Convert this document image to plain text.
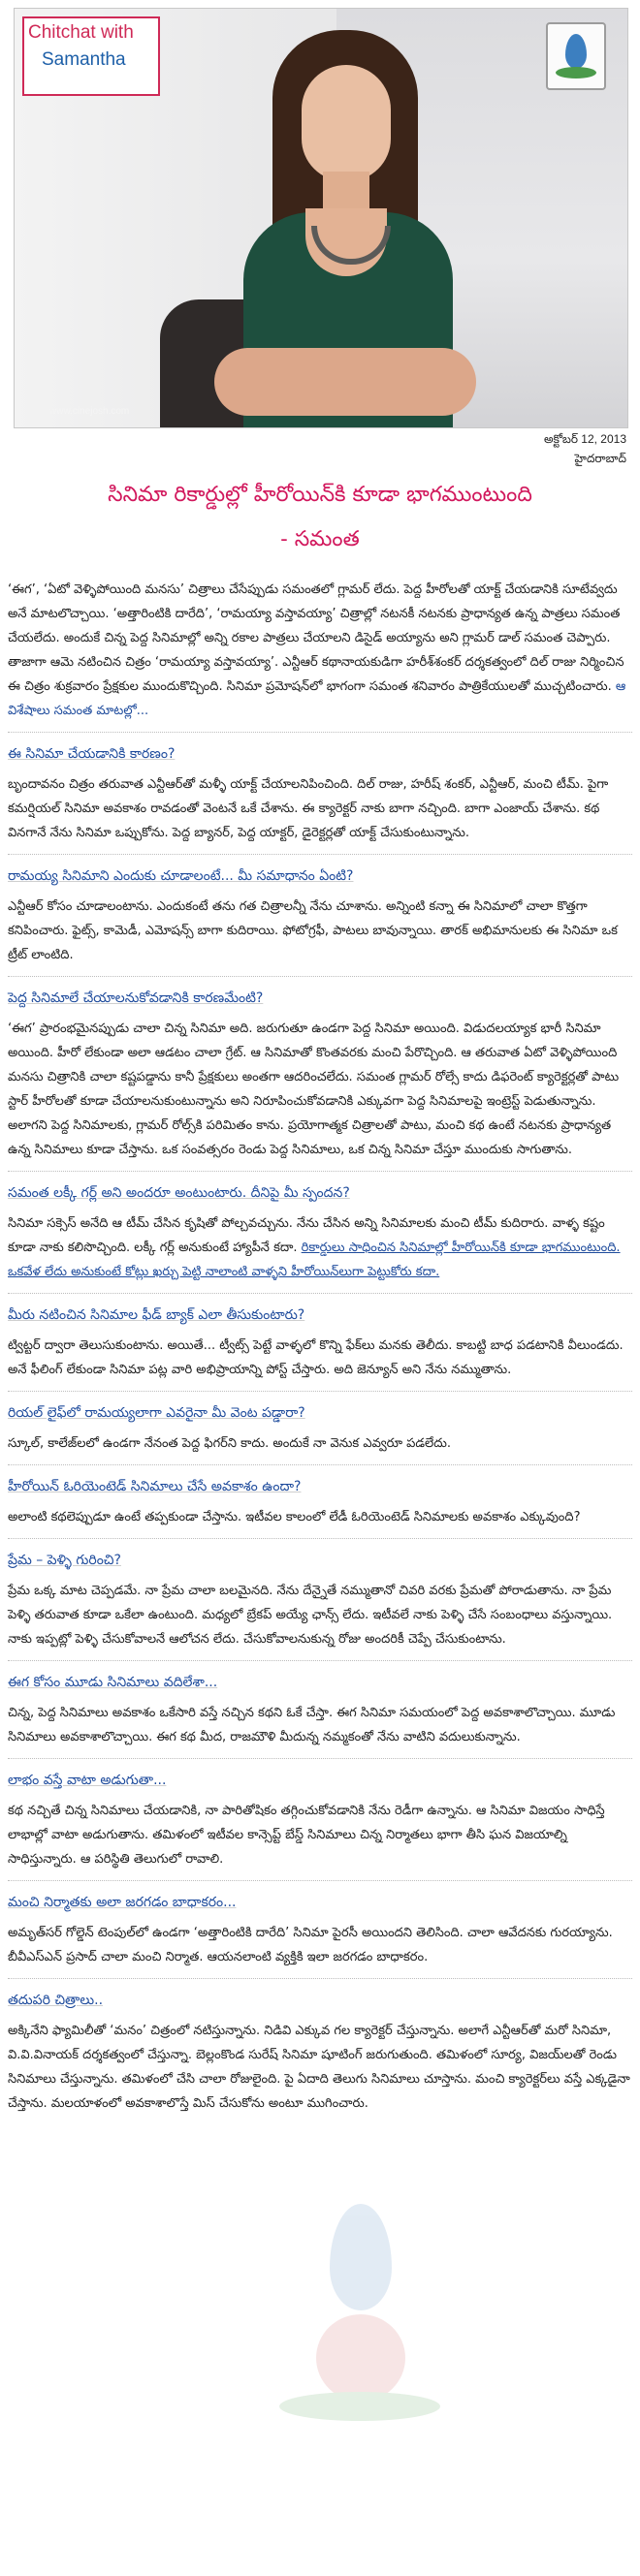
Chitchat with
Samantha
www.cinejosh.com
అక్టోబర్ 12, 2013
హైదరాబాద్
సినిమా రికార్డుల్లో హీరోయిన్‌కి కూడా భాగముంటుంది
- సమంత

‘ఈగ’, ‘ఏటో వెళ్ళిపోయింది మనసు’ చిత్రాలు చేసేప్పుడు సమంతలో గ్లామర్ లేదు. పెద్ద హీరోలతో యాక్ట్ చేయడానికి సూటేవ్వదు అనే మాటలొచ్చాయి. ‘అత్తారింటికి దారేది’, ‘రామయ్యా వస్తావయ్యా’ చిత్రాల్లో నటనకీ నటనకు ప్రాధాన్యత ఉన్న పాత్రలు సమంత చేయలేదు. అందుకే చిన్న పెద్ద సినిమాల్లో అన్ని రకాల పాత్రలు చేయాలని డిసైడ్ అయ్యాను అని గ్లామర్ డాల్ సమంత చెప్పారు. తాజాగా ఆమె నటించిన చిత్రం ‘రామయ్యా వస్తావయ్యా’. ఎన్టీఆర్ కథానాయకుడిగా హరీశ్‌శంకర్ దర్శకత్వంలో దిల్ రాజు నిర్మించిన ఈ చిత్రం శుక్రవారం ప్రేక్షకుల ముందుకొచ్చింది. సినిమా ప్రమోషన్‌లో భాగంగా సమంత శనివారం పాత్రికేయులతో ముచ్చటించారు. ఆ విశేషాలు సమంత మాటల్లో...

ఈ సినిమా చేయడానికి కారణం?

బృందావనం చిత్రం తరువాత ఎన్టీఆర్‌తో మళ్ళీ యాక్ట్ చేయాలనిపించింది. దిల్ రాజు, హరీష్ శంకర్, ఎన్టీఆర్, మంచి టీమ్. పైగా కమర్షియల్ సినిమా అవకాశం రావడంతో వెంటనే ఒకే చేశాను. ఈ క్యారెక్టర్ నాకు బాగా నచ్చింది. బాగా ఎంజాయ్ చేశాను. కథ వినగానే నేను సినిమా ఒప్పుకోను. పెద్ద బ్యానర్, పెద్ద యాక్టర్, డైరెక్టర్లతో యాక్ట్ చేసుకుంటున్నాను.

రామయ్య సినిమాని ఎందుకు చూడాలంటే... మీ సమాధానం ఏంటి?

ఎన్టీఆర్ కోసం చూడాలంటాను. ఎందుకంటే తను గత చిత్రాలన్నీ నేను చూశాను. అన్నింటి కన్నా ఈ సినిమాలో చాలా కొత్తగా కనిపించారు. ఫైట్స్, కామెడీ, ఎమోషన్స్ బాగా కుదిరాయి. ఫోటోగ్రఫీ, పాటలు బావున్నాయి. తారక్ అభిమానులకు ఈ సినిమా ఒక ట్రీట్ లాంటిది.

పెద్ద సినిమాలే చేయాలనుకోవడానికి కారణమేంటి?

‘ఈగ’ ప్రారంభమైనప్పుడు చాలా చిన్న సినిమా అది. జరుగుతూ ఉండగా పెద్ద సినిమా అయింది. విడుదలయ్యాక భారీ సినిమా అయింది. హీరో లేకుండా అలా ఆడటం చాలా గ్రేట్. ఆ సినిమాతో కొంతవరకు మంచి పేరొచ్చింది. ఆ తరువాత ఏటో వెళ్ళిపోయింది మనసు చిత్రానికి చాలా కష్టపడ్డాను కానీ ప్రేక్షకులు అంతగా ఆదరించలేదు. సమంత గ్లామర్ రోల్సే కాదు డిఫరెంట్ క్యారెక్టర్లతో పాటు స్టార్ హీరోలతో కూడా చేయాలనుకుంటున్నాను అని నిరూపించుకోవడానికి ఎక్కువగా పెద్ద సినిమాలపై ఇంట్రెస్ట్ పెడుతున్నాను. అలాగని పెద్ద సినిమాలకు, గ్లామర్ రోల్స్‌కి పరిమితం కాను. ప్రయోగాత్మక చిత్రాలతో పాటు, మంచి కథ ఉంటే నటనకు ప్రాధాన్యత ఉన్న సినిమాలు కూడా చేస్తాను. ఒక సంవత్సరం రెండు పెద్ద సినిమాలు, ఒక చిన్న సినిమా చేస్తూ ముందుకు సాగుతాను.

సమంత లక్కీ గర్ల్ అని అందరూ అంటుంటారు. దీనిపై మీ స్పందన?

సినిమా సక్సెస్ అనేది ఆ టీమ్ చేసిన కృషితో పోల్చవచ్చును. నేను చేసిన అన్ని సినిమాలకు మంచి టీమ్ కుదిరారు. వాళ్ళ కష్టం కూడా నాకు కలిసొచ్చింది. లక్కీ గర్ల్ అనుకుంటే హ్యాపీనే కదా. రికార్డులు సాధించిన సినిమాల్లో హీరోయిన్‌కి కూడా భాగముంటుంది. ఒకవేళ లేదు అనుకుంటే కోట్లు ఖర్చు పెట్టి నాలాంటి వాళ్ళని హీరోయిన్‌లుగా పెట్టుకోరు కదా.

మీరు నటించిన సినిమాల ఫీడ్ బ్యాక్ ఎలా తీసుకుంటారు?

ట్విట్టర్ ద్వారా తెలుసుకుంటాను. అయితే... ట్వీట్స్ పెట్టే వాళ్ళలో కొన్ని ఫేక్‌లు మనకు తెలీదు. కాబట్టి బాధ పడటానికి వీలుండదు. అనే ఫీలింగ్ లేకుండా సినిమా పట్ల వారి అభిప్రాయాన్ని పోస్ట్ చేస్తారు. అది జెన్యూన్ అని నేను నమ్ముతాను.

రియల్ లైఫ్‌లో రామయ్యలాగా ఎవరైనా మీ వెంట పడ్డారా?

స్కూల్, కాలేజ్‌లలో ఉండగా నేనంత పెద్ద ఫిగర్‌ని కాదు. అందుకే నా వెనుక ఎవ్వరూ పడలేదు.

హీరోయిన్ ఓరియెంటెడ్ సినిమాలు చేసే అవకాశం ఉందా?

అలాంటి కథలెప్పుడూ ఉంటే తప్పకుండా చేస్తాను. ఇటీవల కాలంలో లేడీ ఓరియెంటెడ్ సినిమాలకు అవకాశం ఎక్కువుంది?

ప్రేమ – పెళ్ళి గురించి?

ప్రేమ ఒక్క మాట చెప్పడమే. నా ప్రేమ చాలా బలమైనది. నేను దేన్నైతే నమ్ముతానో చివరి వరకు ప్రేమతో పోరాడుతాను. నా ప్రేమ పెళ్ళి తరువాత కూడా ఒకేలా ఉంటుంది. మధ్యలో బ్రేకప్ అయ్యే ఛాన్స్ లేదు. ఇటీవలే నాకు పెళ్ళి చేసే సంబంధాలు వస్తున్నాయి. నాకు ఇప్పట్లో పెళ్ళి చేసుకోవాలనే ఆలోచన లేదు. చేసుకోవాలనుకున్న రోజు అందరికీ చెప్పే చేసుకుంటాను.

ఈగ కోసం మూడు సినిమాలు వదిలేశా...

చిన్న, పెద్ద సినిమాలు అవకాశం ఒకేసారి వస్తే నచ్చిన కథని ఓకే చేస్తా. ఈగ సినిమా సమయంలో పెద్ద అవకాశాలొచ్చాయి. మూడు సినిమాలు అవకాశాలొచ్చాయి. ఈగ కథ మీద, రాజమౌళి మీదున్న నమ్మకంతో నేను వాటిని వదులుకున్నాను.

లాభం వస్తే వాటా అడుగుతా...

కథ నచ్చితే చిన్న సినిమాలు చేయడానికి, నా పారితోషికం తగ్గించుకోవడానికి నేను రెడీగా ఉన్నాను. ఆ సినిమా విజయం సాధిస్తే లాభాల్లో వాటా అడుగుతాను. తమిళంలో ఇటీవల కాన్సెప్ట్ బేస్డ్ సినిమాలు చిన్న నిర్మాతలు భాగా తీసి ఘన విజయాల్ని సాధిస్తున్నారు. ఆ పరిస్థితి తెలుగులో రావాలి.

మంచి నిర్మాతకు అలా జరగడం బాధాకరం...

అమృత్‌సర్ గోల్డెన్ టెంపుల్‌లో ఉండగా ‘అత్తారింటికి దారేది’ సినిమా పైరసీ అయిందని తెలిసింది. చాలా ఆవేదనకు గురయ్యాను. బీవీఎస్ఎన్ ప్రసాద్ చాలా మంచి నిర్మాత. ఆయనలాంటి వ్యక్తికి ఇలా జరగడం బాధాకరం.

తదుపరి చిత్రాలు..

అక్కినేని ఫ్యామిలీతో ‘మనం’ చిత్రంలో నటిస్తున్నాను. నిడివి ఎక్కువ గల క్యారెక్టర్ చేస్తున్నాను. అలాగే ఎన్టీఆర్‌తో మరో సినిమా, వి.వి.వినాయక్ దర్శకత్వంలో చేస్తున్నా. బెల్లంకొండ సురేష్ సినిమా షూటింగ్ జరుగుతుంది. తమిళంలో సూర్య, విజయ్‌లతో రెండు సినిమాలు చేస్తున్నాను. తమిళంలో చేసి చాలా రోజులైంది. పై ఏదాది తెలుగు సినిమాలు చూస్తాను. మంచి క్యారెక్టర్‌లు వస్తే ఎక్కడైనా చేస్తాను. మలయాళంలో అవకాశాలొస్తే మిస్ చేసుకోను అంటూ ముగించారు.
